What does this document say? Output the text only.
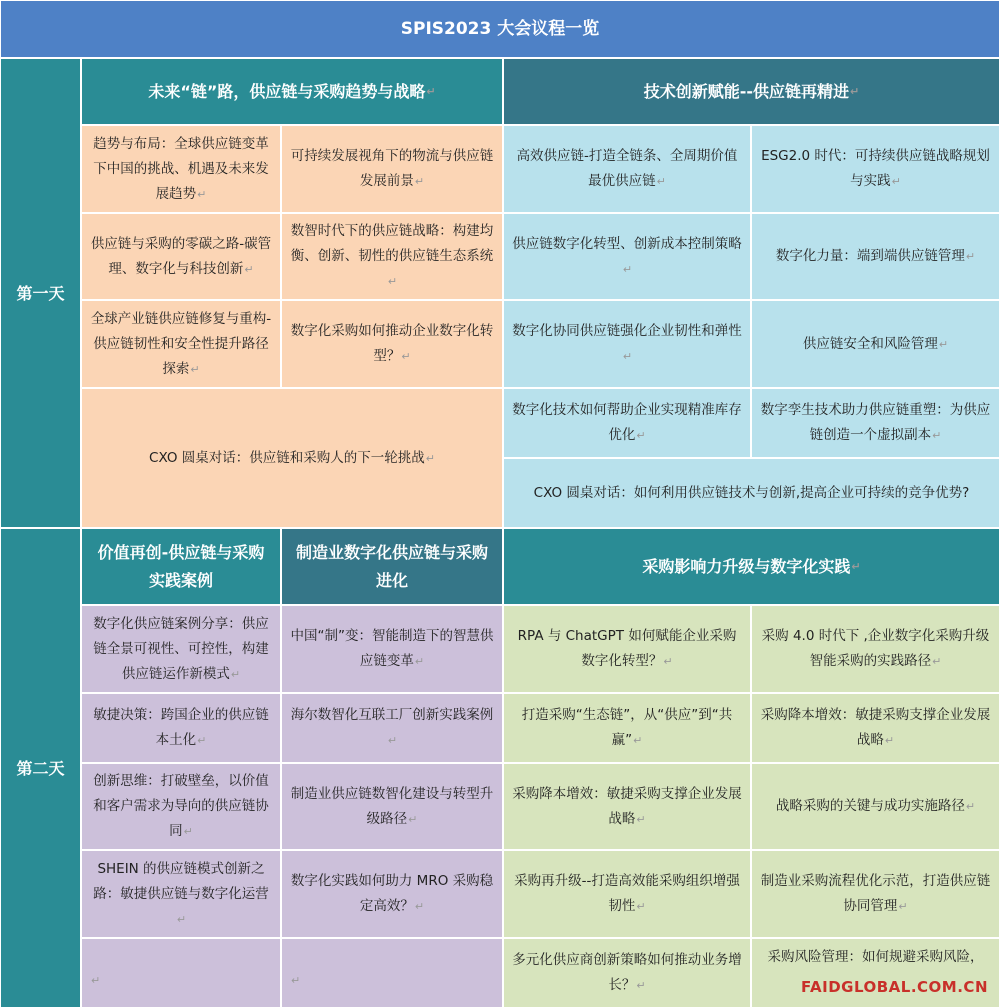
SPIS2023 大会议程一览
第一天
未来“链”路，供应链与采购趋势与战略 ↵	技术创新赋能--供应链再精进 ↵
趋势与布局：全球供应链变革下中国的挑战、机遇及未来发展趋势↵
可持续发展视角下的物流与供应链发展前景↵
供应链与采购的零碳之路-碳管理、数字化与科技创新↵
数智时代下的供应链战略：构建均衡、创新、韧性的供应链生态系统↵
全球产业链供应链修复与重构-供应链韧性和安全性提升路径探索↵
数字化采购如何推动企业数字化转型？↵
CXO 圆桌对话：供应链和采购人的下一轮挑战↵
高效供应链-打造全链条、全周期价值最优供应链↵
ESG2.0 时代：可持续供应链战略规划与实践↵
供应链数字化转型、创新成本控制策略↵
数字化力量：端到端供应链管理↵
数字化协同供应链强化企业韧性和弹性↵
供应链安全和风险管理↵
数字化技术如何帮助企业实现精准库存优化↵
数字孪生技术助力供应链重塑：为供应链创造一个虚拟副本↵
CXO 圆桌对话：如何利用供应链技术与创新,提高企业可持续的竞争优势?
第二天
价值再创-供应链与采购实践案例
制造业数字化供应链与采购进化
采购影响力升级与数字化实践 ↵
数字化供应链案例分享：供应链全景可视性、可控性，构建供应链运作新模式↵
敏捷决策：跨国企业的供应链本土化↵
创新思维：打破壁垒，以价值和客户需求为导向的供应链协同↵
SHEIN 的供应链模式创新之路：敏捷供应链与数字化运营↵
↵
中国“制”变：智能制造下的智慧供应链变革↵
海尔数智化互联工厂创新实践案例↵
制造业供应链数智化建设与转型升级路径↵
数字化实践如何助力 MRO 采购稳定高效？↵
↵
RPA 与 ChatGPT 如何赋能企业采购数字化转型？↵
采购 4.0 时代下 ,企业数字化采购升级智能采购的实践路径↵
打造采购“生态链”，从“供应”到“共赢”↵
采购降本增效：敏捷采购支撑企业发展战略↵
采购降本增效：敏捷采购支撑企业发展战略↵
战略采购的关键与成功实施路径↵
采购再升级--打造高效能采购组织增强韧性↵
制造业采购流程优化示范，打造供应链协同管理↵
多元化供应商创新策略如何推动业务增长？↵
采购风险管理：如何规避采购风险，
FAIDGLOBAL.COM.CN
